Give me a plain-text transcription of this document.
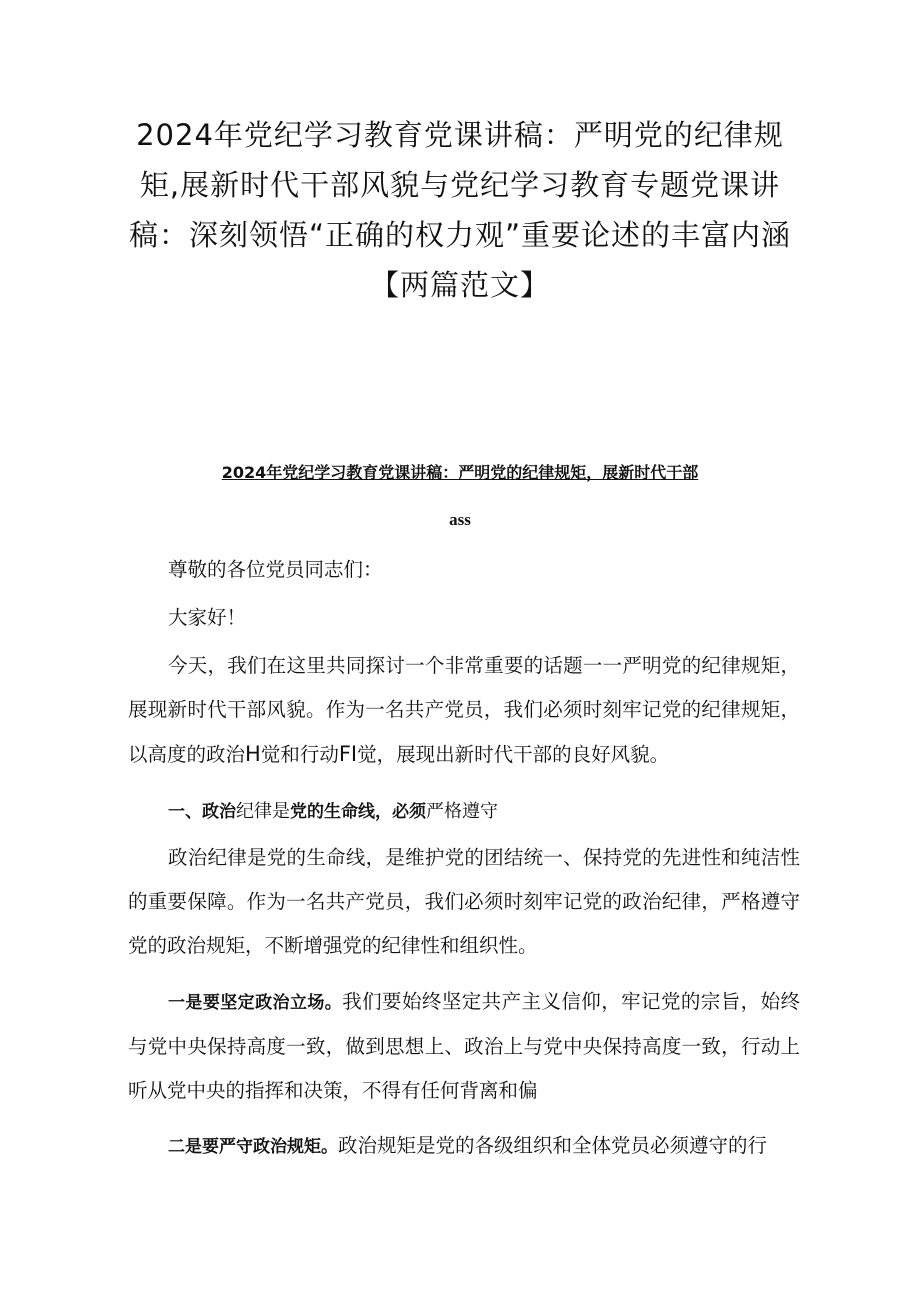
2024年党纪学习教育党课讲稿：严明党的纪律规矩,展新时代干部风貌与党纪学习教育专题党课讲稿：深刻领悟“正确的权力观”重要论述的丰富内涵【两篇范文】

2024年党纪学习教育党课讲稿：严明党的纪律规矩，展新时代干部

ass

尊敬的各位党员同志们：

大家好！

今天，我们在这里共同探讨一个非常重要的话题一一严明党的纪律规矩，展现新时代干部风貌。作为一名共产党员，我们必须时刻牢记党的纪律规矩，以高度的政治H觉和行动FI觉，展现出新时代干部的良好风貌。

一、政治纪律是党的生命线，必须严格遵守

政治纪律是党的生命线，是维护党的团结统一、保持党的先进性和纯洁性的重要保障。作为一名共产党员，我们必须时刻牢记党的政治纪律，严格遵守党的政治规矩，不断增强党的纪律性和组织性。

一是要坚定政治立场。我们要始终坚定共产主义信仰，牢记党的宗旨，始终与党中央保持高度一致，做到思想上、政治上与党中央保持高度一致，行动上听从党中央的指挥和决策，不得有任何背离和偏

二是要严守政治规矩。政治规矩是党的各级组织和全体党员必须遵守的行
